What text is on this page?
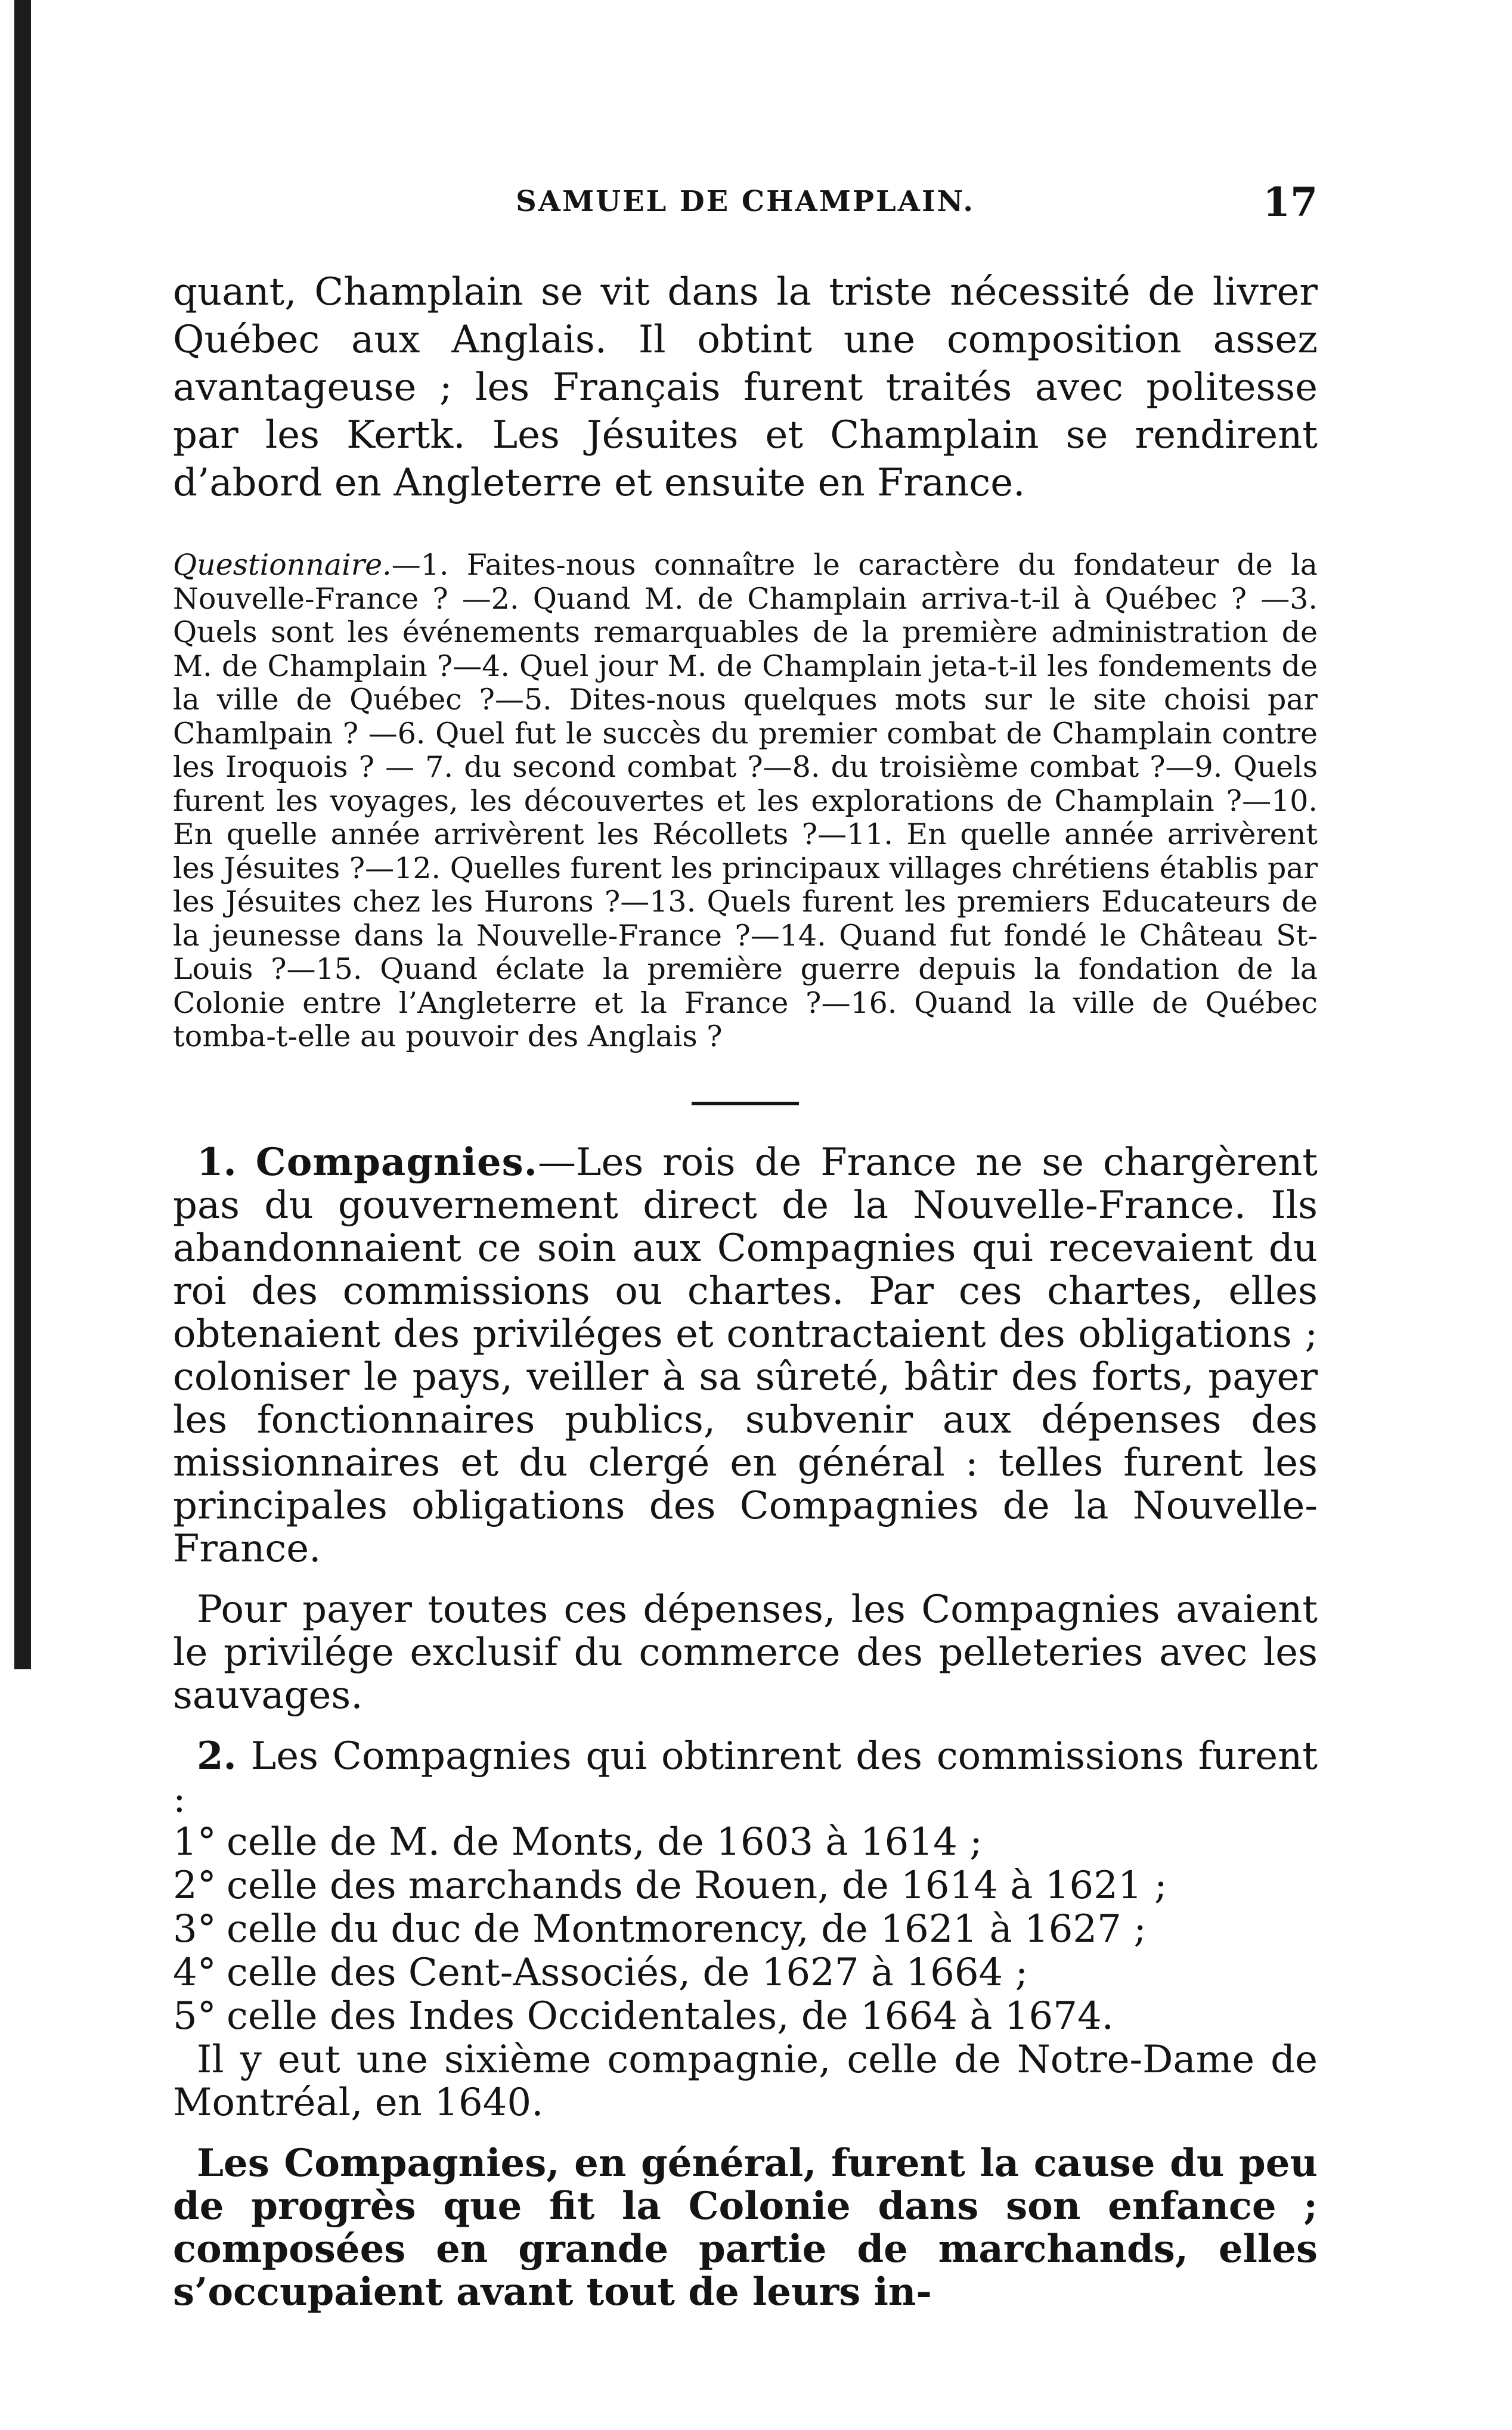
SAMUEL DE CHAMPLAIN.	17

quant, Champlain se vit dans la triste nécessité de livrer Québec aux Anglais. Il obtint une composition assez avantageuse ; les Français furent traités avec politesse par les Kertk. Les Jésuites et Champlain se rendirent d’abord en Angleterre et ensuite en France.

Questionnaire.—1. Faites-nous connaître le caractère du fondateur de la Nouvelle-France ? —2. Quand M. de Champlain arriva-t-il à Québec ? —3. Quels sont les événements remarquables de la première administration de M. de Champlain ?—4. Quel jour M. de Champlain jeta-t-il les fondements de la ville de Québec ?—5. Dites-nous quelques mots sur le site choisi par Chamlpain ? —6. Quel fut le succès du premier combat de Champlain contre les Iroquois ? — 7. du second combat ?—8. du troisième combat ?—9. Quels furent les voyages, les découvertes et les explorations de Champlain ?—10. En quelle année arrivèrent les Récollets ?—11. En quelle année arrivèrent les Jésuites ?—12. Quelles furent les principaux villages chrétiens établis par les Jésuites chez les Hurons ?—13. Quels furent les premiers Educateurs de la jeunesse dans la Nouvelle-France ?—14. Quand fut fondé le Château St-Louis ?—15. Quand éclate la première guerre depuis la fondation de la Colonie entre l’Angleterre et la France ?—16. Quand la ville de Québec tomba-t-elle au pouvoir des Anglais ?

1. Compagnies.—Les rois de France ne se chargèrent pas du gouvernement direct de la Nouvelle-France. Ils abandonnaient ce soin aux Compagnies qui recevaient du roi des commissions ou chartes. Par ces chartes, elles obtenaient des priviléges et contractaient des obligations ; coloniser le pays, veiller à sa sûreté, bâtir des forts, payer les fonctionnaires publics, subvenir aux dépenses des missionnaires et du clergé en général : telles furent les principales obligations des Compagnies de la Nouvelle-France.

Pour payer toutes ces dépenses, les Compagnies avaient le privilége exclusif du commerce des pelleteries avec les sauvages.

2. Les Compagnies qui obtinrent des commissions furent :

1° celle de M. de Monts, de 1603 à 1614 ;
2° celle des marchands de Rouen, de 1614 à 1621 ;
3° celle du duc de Montmorency, de 1621 à 1627 ;
4° celle des Cent-Associés, de 1627 à 1664 ;
5° celle des Indes Occidentales, de 1664 à 1674.

Il y eut une sixième compagnie, celle de Notre-Dame de Montréal, en 1640.

Les Compagnies, en général, furent la cause du peu de progrès que fit la Colonie dans son enfance ; composées en grande partie de marchands, elles s’occupaient avant tout de leurs in-
